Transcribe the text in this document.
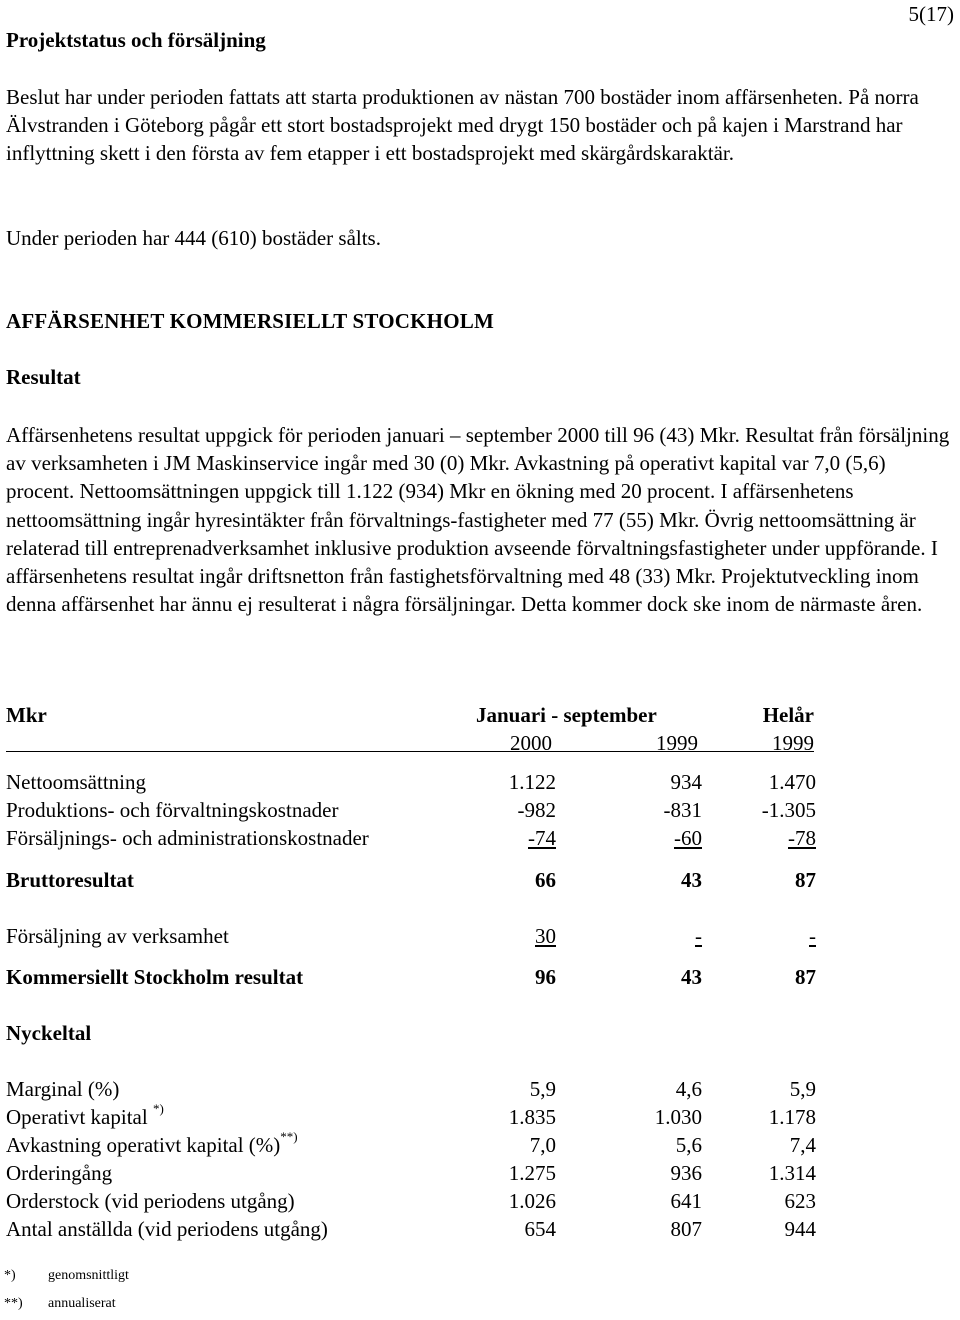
5(17)
Projektstatus och försäljning

Beslut har under perioden fattats att starta produktionen av nästan 700 bostäder inom affärsenheten. På norra Älvstranden i Göteborg pågår ett stort bostadsprojekt med drygt 150 bostäder och på kajen i Marstrand har inflyttning skett i den första av fem etapper i ett bostadsprojekt med skärgårdskaraktär.

Under perioden har 444 (610) bostäder sålts.

AFFÄRSENHET KOMMERSIELLT STOCKHOLM
Resultat

Affärsenhetens resultat uppgick för perioden januari – september 2000 till 96 (43) Mkr. Resultat från försäljning av verksamheten i JM Maskinservice ingår med 30 (0) Mkr. Avkastning på operativt kapital var 7,0 (5,6) procent. Nettoomsättningen uppgick till 1.122 (934) Mkr en ökning med 20 procent. I affärsenhetens nettoomsättning ingår hyresintäkter från förvaltnings-fastigheter med 77 (55) Mkr. Övrig nettoomsättning är relaterad till entreprenadverksamhet inklusive produktion avseende förvaltningsfastigheter under uppförande. I affärsenhetens resultat ingår driftsnetton från fastighetsförvaltning med 48 (33) Mkr. Projektutveckling inom denna affärsenhet har ännu ej resulterat i några försäljningar. Detta kommer dock ske inom de närmaste åren.

Mkr	Januari - september	Helår
2000	1999	1999
Nettoomsättning	1.122	934	1.470
Produktions- och förvaltningskostnader	-982	-831	-1.305
Försäljnings- och administrationskostnader	-74	-60	-78
Bruttoresultat	66	43	87
Försäljning av verksamhet	30	-	-
Kommersiellt Stockholm resultat	96	43	87
Nyckeltal
Marginal (%)	5,9	4,6	5,9
Operativt kapital *)	1.835	1.030	1.178
Avkastning operativt kapital (%)**)	7,0	5,6	7,4
Orderingång	1.275	936	1.314
Orderstock (vid periodens utgång)	1.026	641	623
Antal anställda (vid periodens utgång)	654	807	944
*) genomsnittligt
**) annualiserat
